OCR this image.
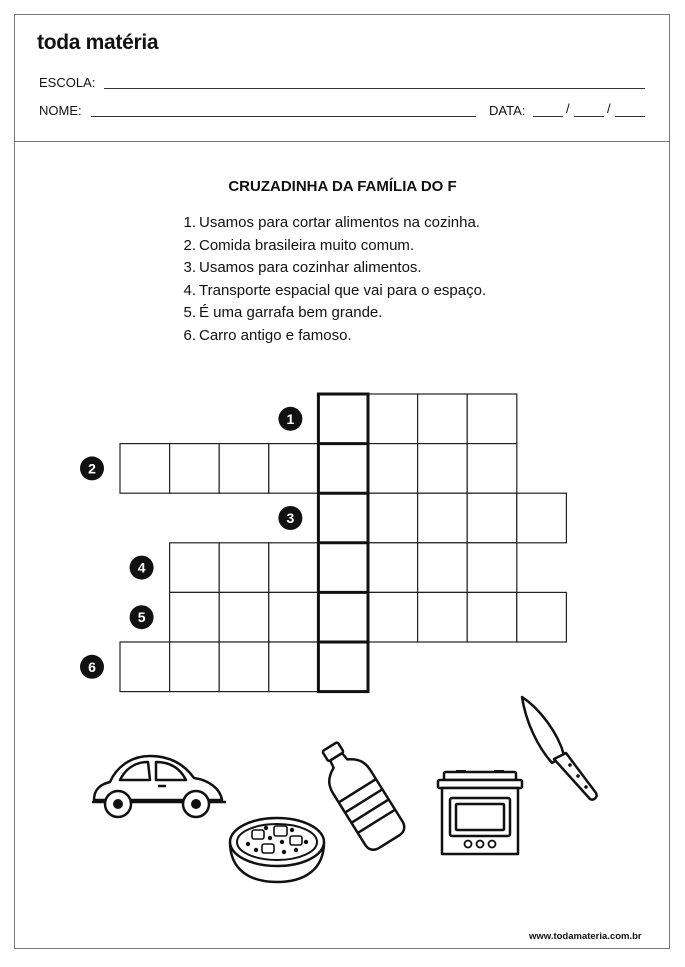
toda matéria
ESCOLA:
NOME:	DATA:	/	/
CRUZADINHA DA FAMÍLIA DO F
1. Usamos para cortar alimentos na cozinha.
2. Comida brasileira muito comum.
3. Usamos para cozinhar alimentos.
4. Transporte espacial que vai para o espaço.
5. É uma garrafa bem grande.
6. Carro antigo e famoso.
1
2
3
4
5
6
www.todamateria.com.br
